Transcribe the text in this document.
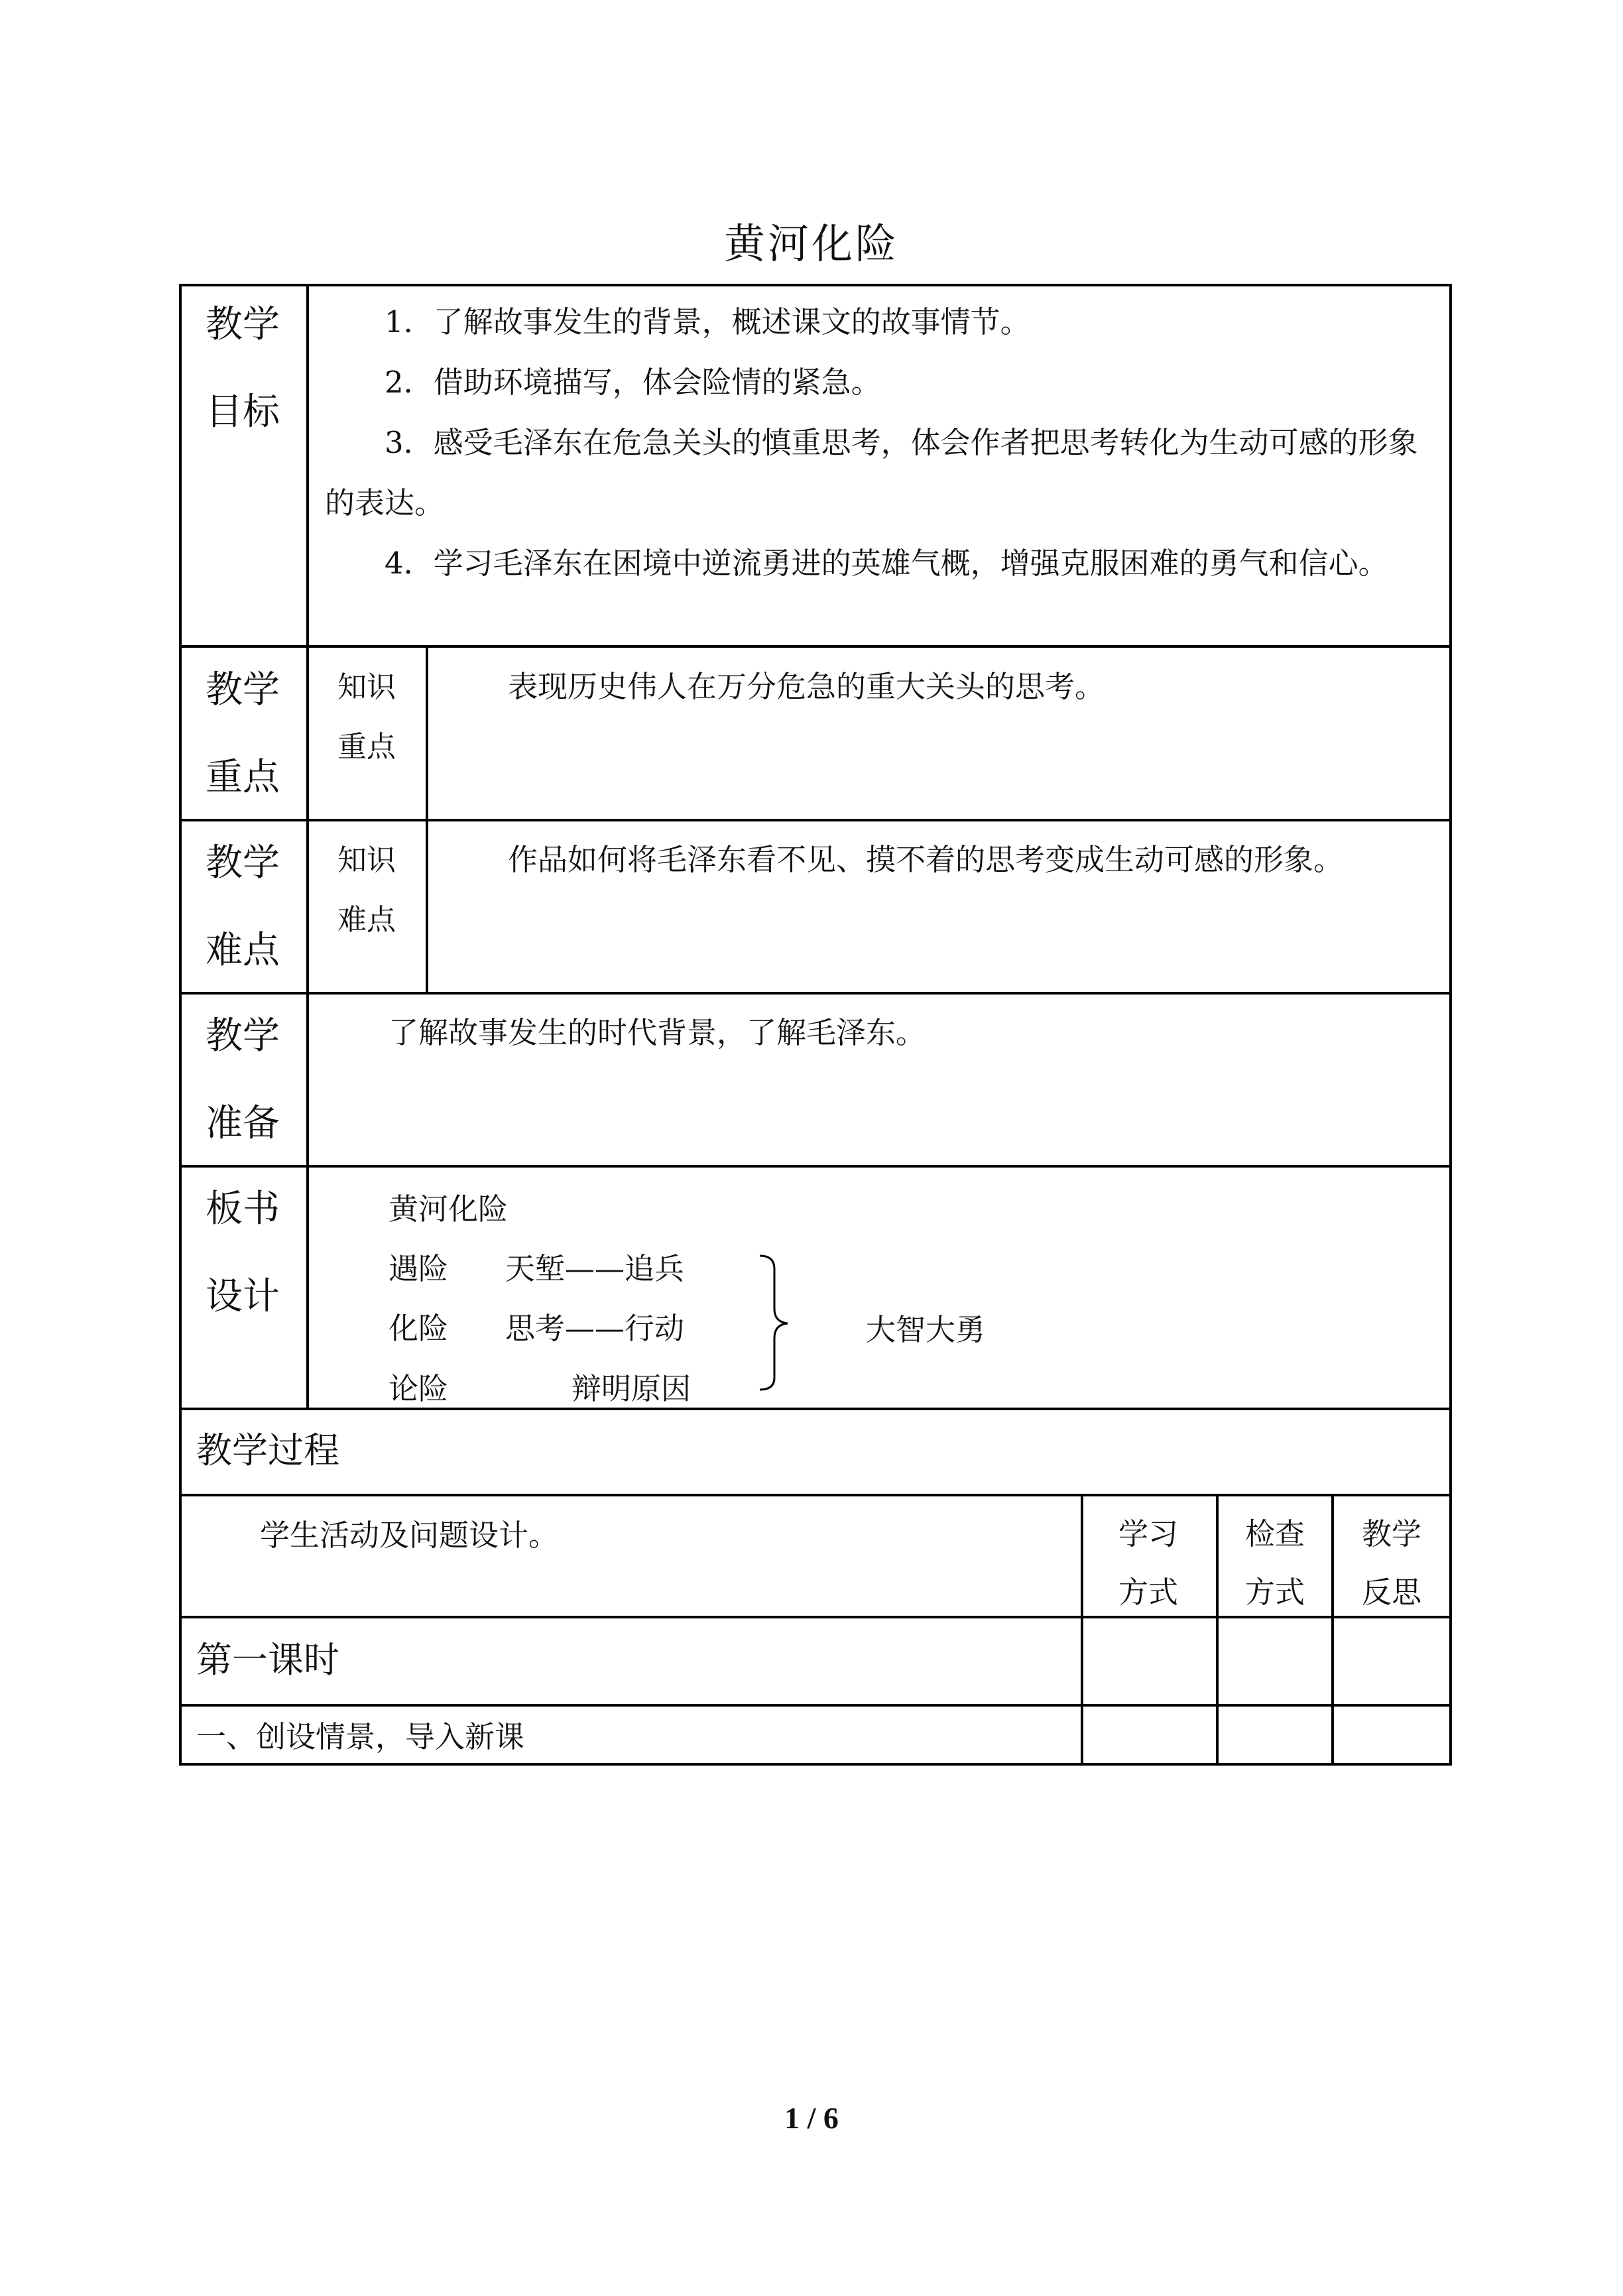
黄河化险
教学
目标
1．了解故事发生的背景，概述课文的故事情节。
2．借助环境描写，体会险情的紧急。
3．感受毛泽东在危急关头的慎重思考，体会作者把思考转化为生动可感的形象的表达。
4．学习毛泽东在困境中逆流勇进的英雄气概，增强克服困难的勇气和信心。
教学
重点
知识
重点
表现历史伟人在万分危急的重大关头的思考。
教学
难点
知识
难点
作品如何将毛泽东看不见、摸不着的思考变成生动可感的形象。
教学
准备
了解故事发生的时代背景，了解毛泽东。
板书
设计
黄河化险
遇险 天堑——追兵
化险 思考——行动
论险	辩明原因
大智大勇
教学过程
学生活动及问题设计。	学习
方式
检查
方式
教学
反思
第一课时
一、创设情景，导入新课
1 / 6
